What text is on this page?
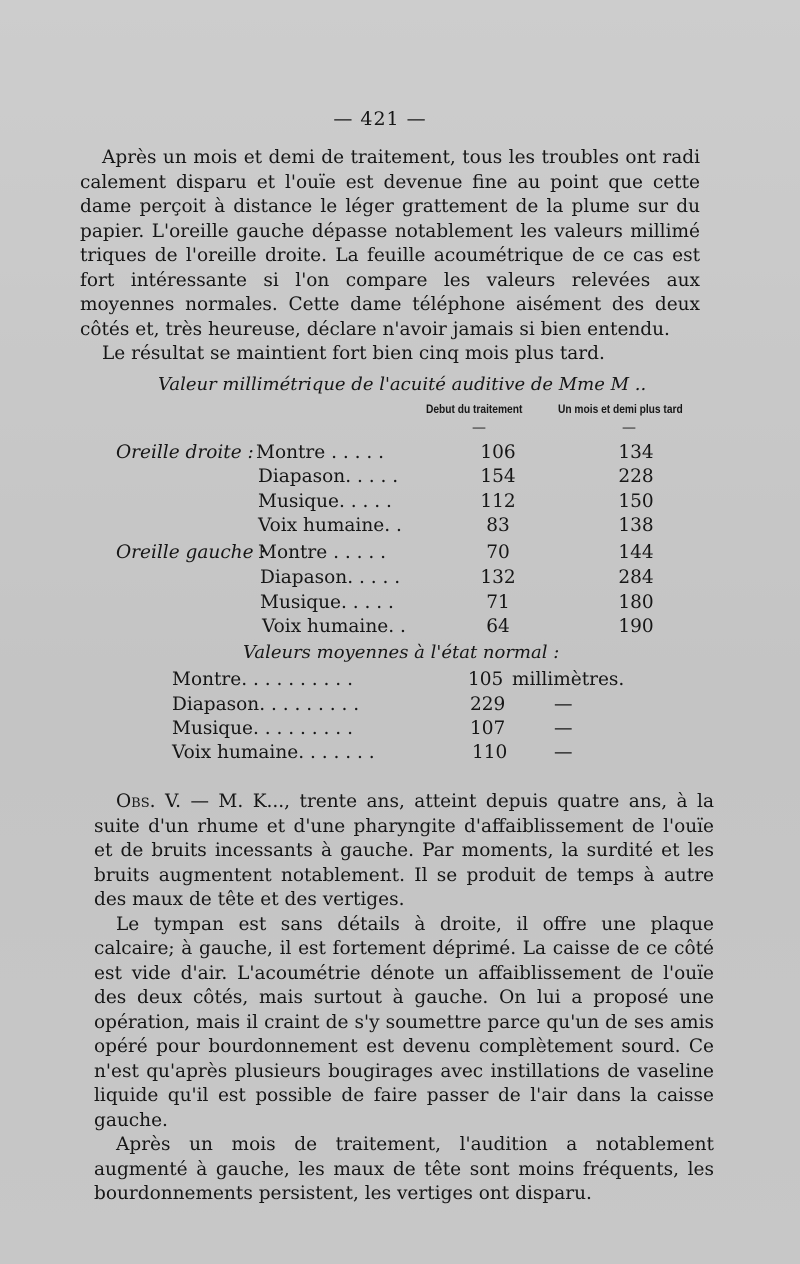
— 421 —

Après un mois et demi de traitement, tous les troubles ont radi calement disparu et l'ouïe est devenue fine au point que cette dame perçoit à distance le léger grattement de la plume sur du papier. L'oreille gauche dépasse notablement les valeurs millimé triques de l'oreille droite. La feuille acoumétrique de ce cas est fort intéressante si l'on compare les valeurs relevées aux moyennes normales. Cette dame téléphone aisément des deux côtés et, très heureuse, déclare n'avoir jamais si bien entendu.

Le résultat se maintient fort bien cinq mois plus tard.

Valeur millimétrique de l'acuité auditive de Mme M ..
Debut du traitement	Un mois et demi plus tard
—	—
Oreille droite : Montre . . . . .	106	134
Diapason. . . . .	154	228
Musique. . . . .	112	150
Voix humaine. .	83	138
Oreille gauche :
Montre . . . . .	70	144
Diapason. . . . .	132	284
Musique. . . . .	71	180
Voix humaine. .	64	190
Valeurs moyennes à l'état normal :
Montre. . . . . . . . . .	105 millimètres.
Diapason. . . . . . . . .	229	—
Musique. . . . . . . . .	107	—
Voix humaine. . . . . . .	110	—

Obs. V. — M. K..., trente ans, atteint depuis quatre ans, à la suite d'un rhume et d'une pharyngite d'affaiblissement de l'ouïe et de bruits incessants à gauche. Par moments, la surdité et les bruits augmentent notablement. Il se produit de temps à autre des maux de tête et des vertiges.

Le tympan est sans détails à droite, il offre une plaque calcaire; à gauche, il est fortement déprimé. La caisse de ce côté est vide d'air. L'acoumétrie dénote un affaiblissement de l'ouïe des deux côtés, mais surtout à gauche. On lui a proposé une opération, mais il craint de s'y soumettre parce qu'un de ses amis opéré pour bourdonnement est devenu complètement sourd. Ce n'est qu'après plusieurs bougirages avec instillations de vaseline liquide qu'il est possible de faire passer de l'air dans la caisse gauche.

Après un mois de traitement, l'audition a notablement augmenté à gauche, les maux de tête sont moins fréquents, les bourdonnements persistent, les vertiges ont disparu.
